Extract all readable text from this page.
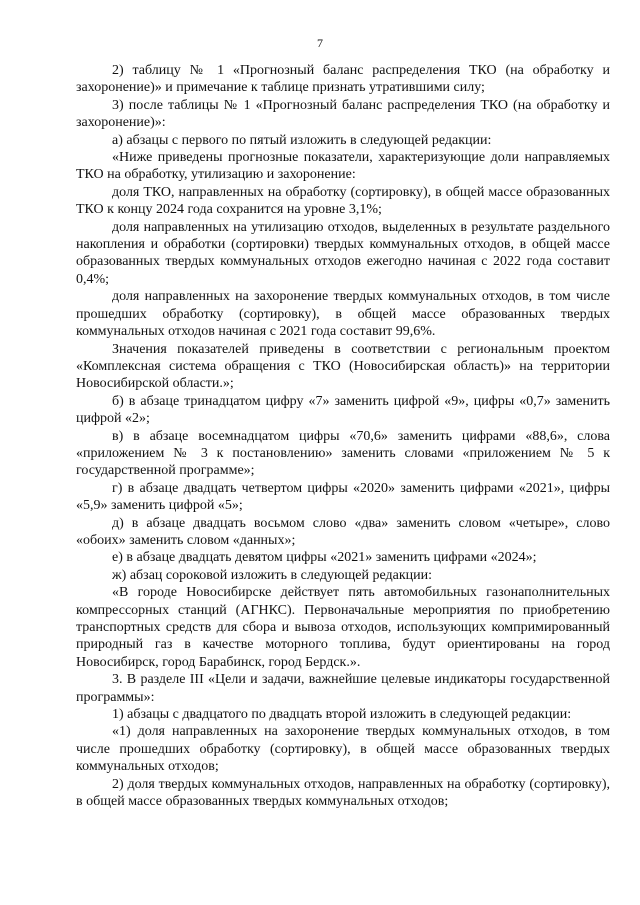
7

2) таблицу № 1 «Прогнозный баланс распределения ТКО (на обработку и захоронение)» и примечание к таблице признать утратившими силу;

3) после таблицы № 1 «Прогнозный баланс распределения ТКО (на обработку и захоронение)»:

а) абзацы с первого по пятый изложить в следующей редакции:

«Ниже приведены прогнозные показатели, характеризующие доли направляемых ТКО на обработку, утилизацию и захоронение:

доля ТКО, направленных на обработку (сортировку), в общей массе образованных ТКО к концу 2024 года сохранится на уровне 3,1%;

доля направленных на утилизацию отходов, выделенных в результате раздельного накопления и обработки (сортировки) твердых коммунальных отходов, в общей массе образованных твердых коммунальных отходов ежегодно начиная с 2022 года составит 0,4%;

доля направленных на захоронение твердых коммунальных отходов, в том числе прошедших обработку (сортировку), в общей массе образованных твердых коммунальных отходов начиная с 2021 года составит 99,6%.

Значения показателей приведены в соответствии с региональным проектом «Комплексная система обращения с ТКО (Новосибирская область)» на территории Новосибирской области.»;

б) в абзаце тринадцатом цифру «7» заменить цифрой «9», цифры «0,7» заменить цифрой «2»;

в) в абзаце восемнадцатом цифры «70,6» заменить цифрами «88,6», слова «приложением № 3 к постановлению» заменить словами «приложением № 5 к государственной программе»;

г) в абзаце двадцать четвертом цифры «2020» заменить цифрами «2021», цифры «5,9» заменить цифрой «5»;

д) в абзаце двадцать восьмом слово «два» заменить словом «четыре», слово «обоих» заменить словом «данных»;

е) в абзаце двадцать девятом цифры «2021» заменить цифрами «2024»;

ж) абзац сороковой изложить в следующей редакции:

«В городе Новосибирске действует пять автомобильных газонаполнительных компрессорных станций (АГНКС). Первоначальные мероприятия по приобретению транспортных средств для сбора и вывоза отходов, использующих компримированный природный газ в качестве моторного топлива, будут ориентированы на город Новосибирск, город Барабинск, город Бердск.».

3. В разделе III «Цели и задачи, важнейшие целевые индикаторы государственной программы»:

1) абзацы с двадцатого по двадцать второй изложить в следующей редакции:

«1) доля направленных на захоронение твердых коммунальных отходов, в том числе прошедших обработку (сортировку), в общей массе образованных твердых коммунальных отходов;

2) доля твердых коммунальных отходов, направленных на обработку (сортировку), в общей массе образованных твердых коммунальных отходов;
